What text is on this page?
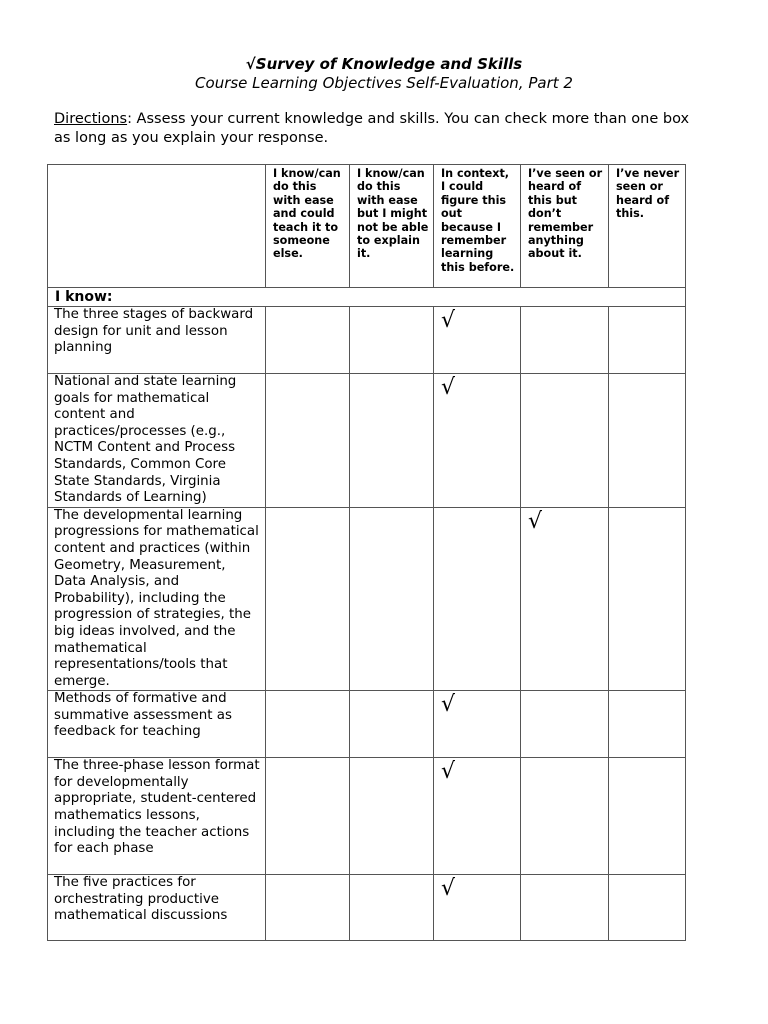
√Survey of Knowledge and Skills
Course Learning Objectives Self-Evaluation, Part 2
Directions: Assess your current knowledge and skills. You can check more than one box as long as you explain your response.
	I know/can do this with ease and could teach it to someone else.	I know/can do this with ease but I might not be able to explain it.	In context, I could figure this out because I remember learning this before.	I’ve seen or heard of this but don’t remember anything about it.	I’ve never seen or heard of this.
I know:					
The three stages of backward design for unit and lesson planning			√		
National and state learning goals for mathematical content and practices/processes (e.g., NCTM Content and Process Standards, Common Core State Standards, Virginia Standards of Learning)			√		
The developmental learning progressions for mathematical content and practices (within Geometry, Measurement, Data Analysis, and Probability), including the progression of strategies, the big ideas involved, and the mathematical representations/tools that emerge.				√	
Methods of formative and summative assessment as feedback for teaching			√		
The three-phase lesson format for developmentally appropriate, student-centered mathematics lessons, including the teacher actions for each phase			√		
The five practices for orchestrating productive mathematical discussions			√		
